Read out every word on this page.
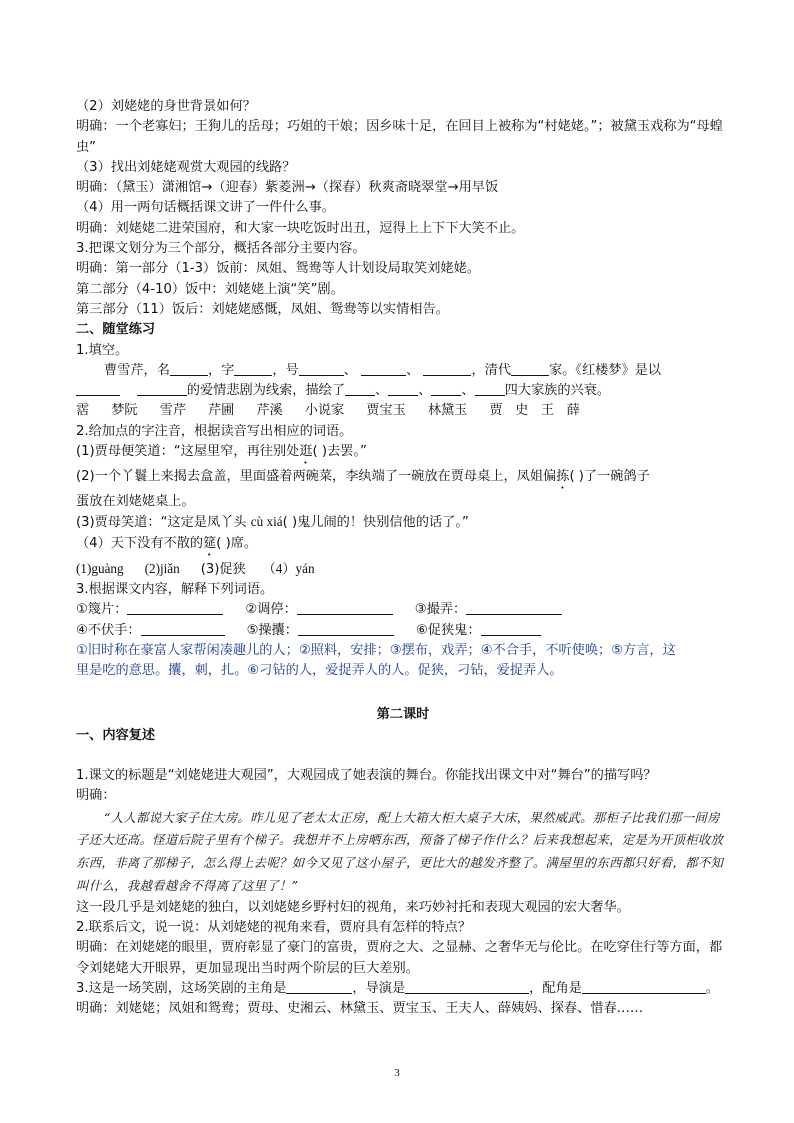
（2）刘姥姥的身世背景如何？
明确：一个老寡妇；王狗儿的岳母；巧姐的干娘；因乡味十足，在回目上被称为“村姥姥。”；被黛玉戏称为“母蝗虫”
（3）找出刘姥姥观赏大观园的线路？
明确：（黛玉）潇湘馆→（迎春）紫菱洲→（探春）秋爽斋晓翠堂→用早饭
（4）用一两句话概括课文讲了一件什么事。
明确：刘姥姥二进荣国府，和大家一块吃饭时出丑，逗得上上下下大笑不止。
3.把课文划分为三个部分，概括各部分主要内容。
明确：第一部分（1-3）饭前：凤姐、鸳鸯等人计划设局取笑刘姥姥。
第二部分（4-10）饭中：刘姥姥上演“笑”剧。
第三部分（11）饭后：刘姥姥感慨，凤姐、鸳鸯等以实情相告。
二、随堂练习
1.填空。
曹雪芹，名	，字	，号	、	、	，清代	家。《红楼梦》是以
的爱情悲剧为线索，描绘了 、 、 、 四大家族的兴衰。
霑 梦阮 雪芹 芹圃 芹溪 小说家 贾宝玉 林黛玉 贾 史 王 薛
2.给加点的字注音，根据读音写出相应的词语。
(1)贾母便笑道：“这屋里窄，再往别处逛( )去罢。”
(2)一个丫鬟上来揭去盒盖，里面盛着两碗菜，李纨端了一碗放在贾母桌上，凤姐偏拣( )了一碗鸽子
蛋放在刘姥姥桌上。
(3)贾母笑道：“这定是凤丫头 cù xiá( )鬼儿闹的！快别信他的话了。”
（4）天下没有不散的筵( )席。
(1)guàng (2)jiǎn (3)促狭 （4）yán
3.根据课文内容，解释下列词语。
①篾片：	②调停：	③撮弄：
④不伏手：	⑤操攮：	⑥促狭鬼：
①旧时称在豪富人家帮闲凑趣儿的人；②照料，安排；③摆布，戏弄；④不合手，不听使唤；⑤方言，这
里是吃的意思。攮，刺，扎。⑥刁钻的人，爱捉弄人的人。促狭，刁钻，爱捉弄人。
第二课时
一、内容复述
1.课文的标题是“刘姥姥进大观园”，大观园成了她表演的舞台。你能找出课文中对“舞台”的描写吗？
明确：
“人人都说大家子住大房。昨儿见了老太太正房，配上大箱大柜大桌子大床，果然威武。那柜子比我们那一间房子还大还高。怪道后院子里有个梯子。我想并不上房晒东西，预备了梯子作什么？后来我想起来，定是为开顶柜收放东西，非离了那梯子，怎么得上去呢？如今又见了这小屋子，更比大的越发齐整了。满屋里的东西都只好看，都不知叫什么，我越看越舍不得离了这里了！”
这一段几乎是刘姥姥的独白，以刘姥姥乡野村妇的视角，来巧妙衬托和表现大观园的宏大奢华。
2.联系后文，说一说：从刘姥姥的视角来看，贾府具有怎样的特点？
明确：在刘姥姥的眼里，贾府彰显了豪门的富贵，贾府之大、之显赫、之奢华无与伦比。在吃穿住行等方面，都令刘姥姥大开眼界，更加显现出当时两个阶层的巨大差别。
3.这是一场笑剧，这场笑剧的主角是	，导演是	，配角是	。
明确：刘姥姥；凤姐和鸳鸯；贾母、史湘云、林黛玉、贾宝玉、王夫人、薛姨妈、探春、惜春……
3
